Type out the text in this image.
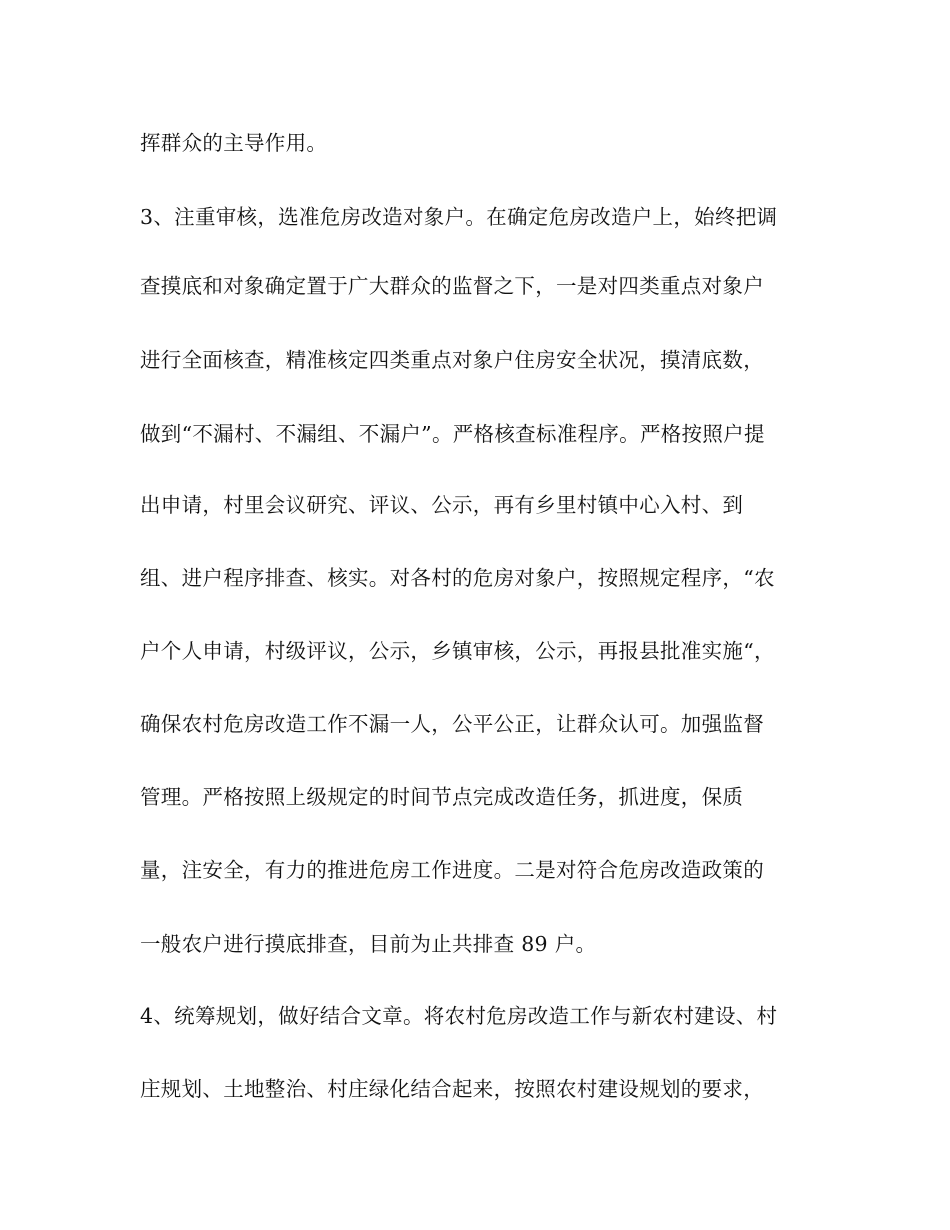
挥群众的主导作用。

3、注重审核，选准危房改造对象户。在确定危房改造户上，始终把调

查摸底和对象确定置于广大群众的监督之下，一是对四类重点对象户

进行全面核查，精准核定四类重点对象户住房安全状况，摸清底数，

做到“不漏村、不漏组、不漏户”。严格核查标准程序。严格按照户提

出申请，村里会议研究、评议、公示，再有乡里村镇中心入村、到

组、进户程序排查、核实。对各村的危房对象户，按照规定程序，“农

户个人申请，村级评议，公示，乡镇审核，公示，再报县批准实施“，

确保农村危房改造工作不漏一人，公平公正，让群众认可。加强监督

管理。严格按照上级规定的时间节点完成改造任务，抓进度，保质

量，注安全，有力的推进危房工作进度。二是对符合危房改造政策的

一般农户进行摸底排查，目前为止共排查 89 户。

4、统筹规划，做好结合文章。将农村危房改造工作与新农村建设、村

庄规划、土地整治、村庄绿化结合起来，按照农村建设规划的要求，
